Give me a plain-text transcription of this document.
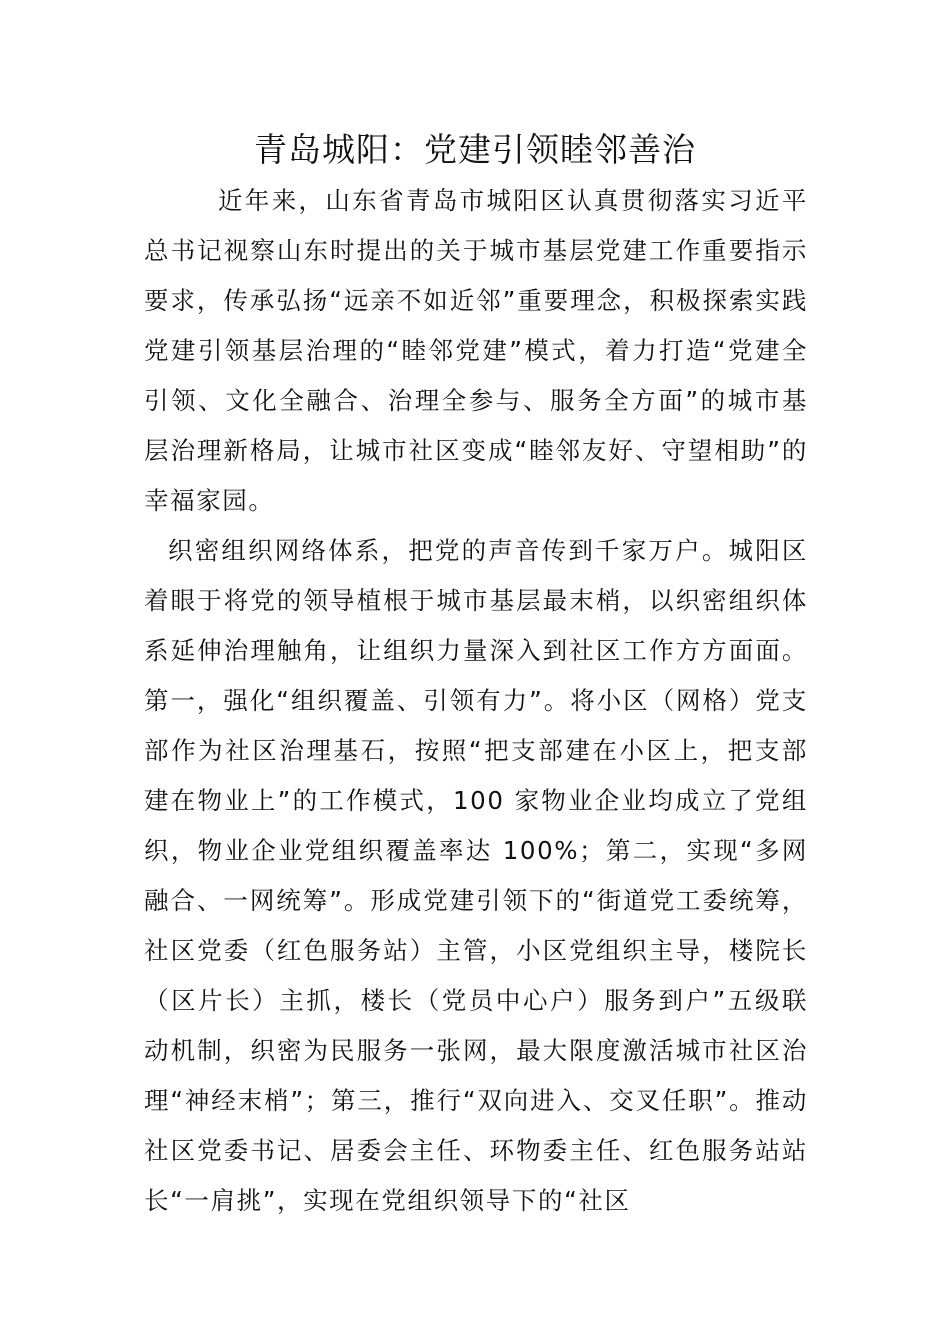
青岛城阳：党建引领睦邻善治

近年来，山东省青岛市城阳区认真贯彻落实习近平总书记视察山东时提出的关于城市基层党建工作重要指示要求，传承弘扬“远亲不如近邻”重要理念，积极探索实践党建引领基层治理的“睦邻党建”模式，着力打造“党建全引领、文化全融合、治理全参与、服务全方面”的城市基层治理新格局，让城市社区变成“睦邻友好、守望相助”的幸福家园。

织密组织网络体系，把党的声音传到千家万户。城阳区着眼于将党的领导植根于城市基层最末梢，以织密组织体系延伸治理触角，让组织力量深入到社区工作方方面面。第一，强化“组织覆盖、引领有力”。将小区（网格）党支部作为社区治理基石，按照“把支部建在小区上，把支部建在物业上”的工作模式，100 家物业企业均成立了党组织，物业企业党组织覆盖率达 100%；第二，实现“多网融合、一网统筹”。形成党建引领下的“街道党工委统筹，社区党委（红色服务站）主管，小区党组织主导，楼院长（区片长）主抓，楼长（党员中心户）服务到户”五级联动机制，织密为民服务一张网，最大限度激活城市社区治理“神经末梢”；第三，推行“双向进入、交叉任职”。推动社区党委书记、居委会主任、环物委主任、红色服务站站长“一肩挑”，实现在党组织领导下的“社区
